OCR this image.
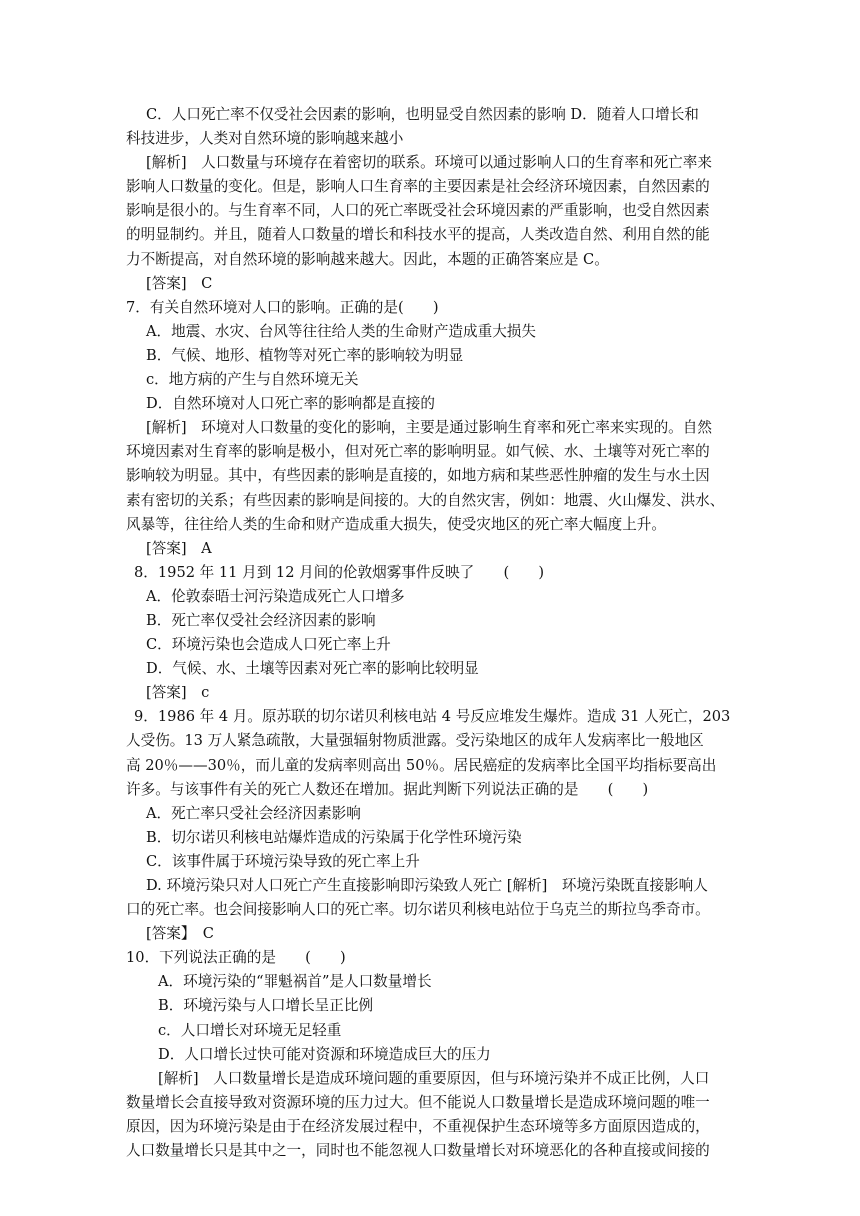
C．人口死亡率不仅受社会因素的影响，也明显受自然因素的影响 D．随着人口增长和
科技进步，人类对自然环境的影响越来越小
[解析]　人口数量与环境存在着密切的联系。环境可以通过影响人口的生育率和死亡率来
影响人口数量的变化。但是，影响人口生育率的主要因素是社会经济环境因素，自然因素的
影响是很小的。与生育率不同，人口的死亡率既受社会环境因素的严重影响，也受自然因素
的明显制约。并且，随着人口数量的增长和科技水平的提高，人类改造自然、利用自然的能
力不断提高，对自然环境的影响越来越大。因此，本题的正确答案应是 C。
[答案]　C
7．有关自然环境对人口的影响。正确的是(　　)
A．地震、水灾、台风等往往给人类的生命财产造成重大损失
B．气候、地形、植物等对死亡率的影响较为明显
c．地方病的产生与自然环境无关
D．自然环境对人口死亡率的影响都是直接的
[解析]　环境对人口数量的变化的影响，主要是通过影响生育率和死亡率来实现的。自然
环境因素对生育率的影响是极小，但对死亡率的影响明显。如气候、水、土壤等对死亡率的
影响较为明显。其中，有些因素的影响是直接的，如地方病和某些恶性肿瘤的发生与水土因
素有密切的关系；有些因素的影响是间接的。大的自然灾害，例如：地震、火山爆发、洪水、
风暴等，往往给人类的生命和财产造成重大损失，使受灾地区的死亡率大幅度上升。
[答案]　A
8．1952 年 11 月到 12 月间的伦敦烟雾事件反映了　　(　　)
A．伦敦泰晤士河污染造成死亡人口增多
B．死亡率仅受社会经济因素的影响
C．环境污染也会造成人口死亡率上升
D．气候、水、土壤等因素对死亡率的影响比较明显
[答案]　c
9．1986 年 4 月。原苏联的切尔诺贝利核电站 4 号反应堆发生爆炸。造成 31 人死亡，203
人受伤。13 万人紧急疏散，大量强辐射物质泄露。受污染地区的成年人发病率比一般地区
高 20％——30％，而儿童的发病率则高出 50％。居民癌症的发病率比全国平均指标要高出
许多。与该事件有关的死亡人数还在增加。据此判断下列说法正确的是　　(　　)
A．死亡率只受社会经济因素影响
B．切尔诺贝利核电站爆炸造成的污染属于化学性环境污染
C．该事件属于环境污染导致的死亡率上升
D. 环境污染只对人口死亡产生直接影响即污染致人死亡 [解析]　环境污染既直接影响人
口的死亡率。也会间接影响人口的死亡率。切尔诺贝利核电站位于乌克兰的斯拉鸟季奇市。
[答案】　C
10．下列说法正确的是　　(　　)
A．环境污染的“罪魁祸首”是人口数量增长
B．环境污染与人口增长呈正比例
c．人口增长对环境无足轻重
D．人口增长过快可能对资源和环境造成巨大的压力
[解析]　人口数量增长是造成环境问题的重要原因，但与环境污染并不成正比例，人口
数量增长会直接导致对资源环境的压力过大。但不能说人口数量增长是造成环境问题的唯一
原因，因为环境污染是由于在经济发展过程中，不重视保护生态环境等多方面原因造成的，
人口数量增长只是其中之一，同时也不能忽视人口数量增长对环境恶化的各种直接或间接的
